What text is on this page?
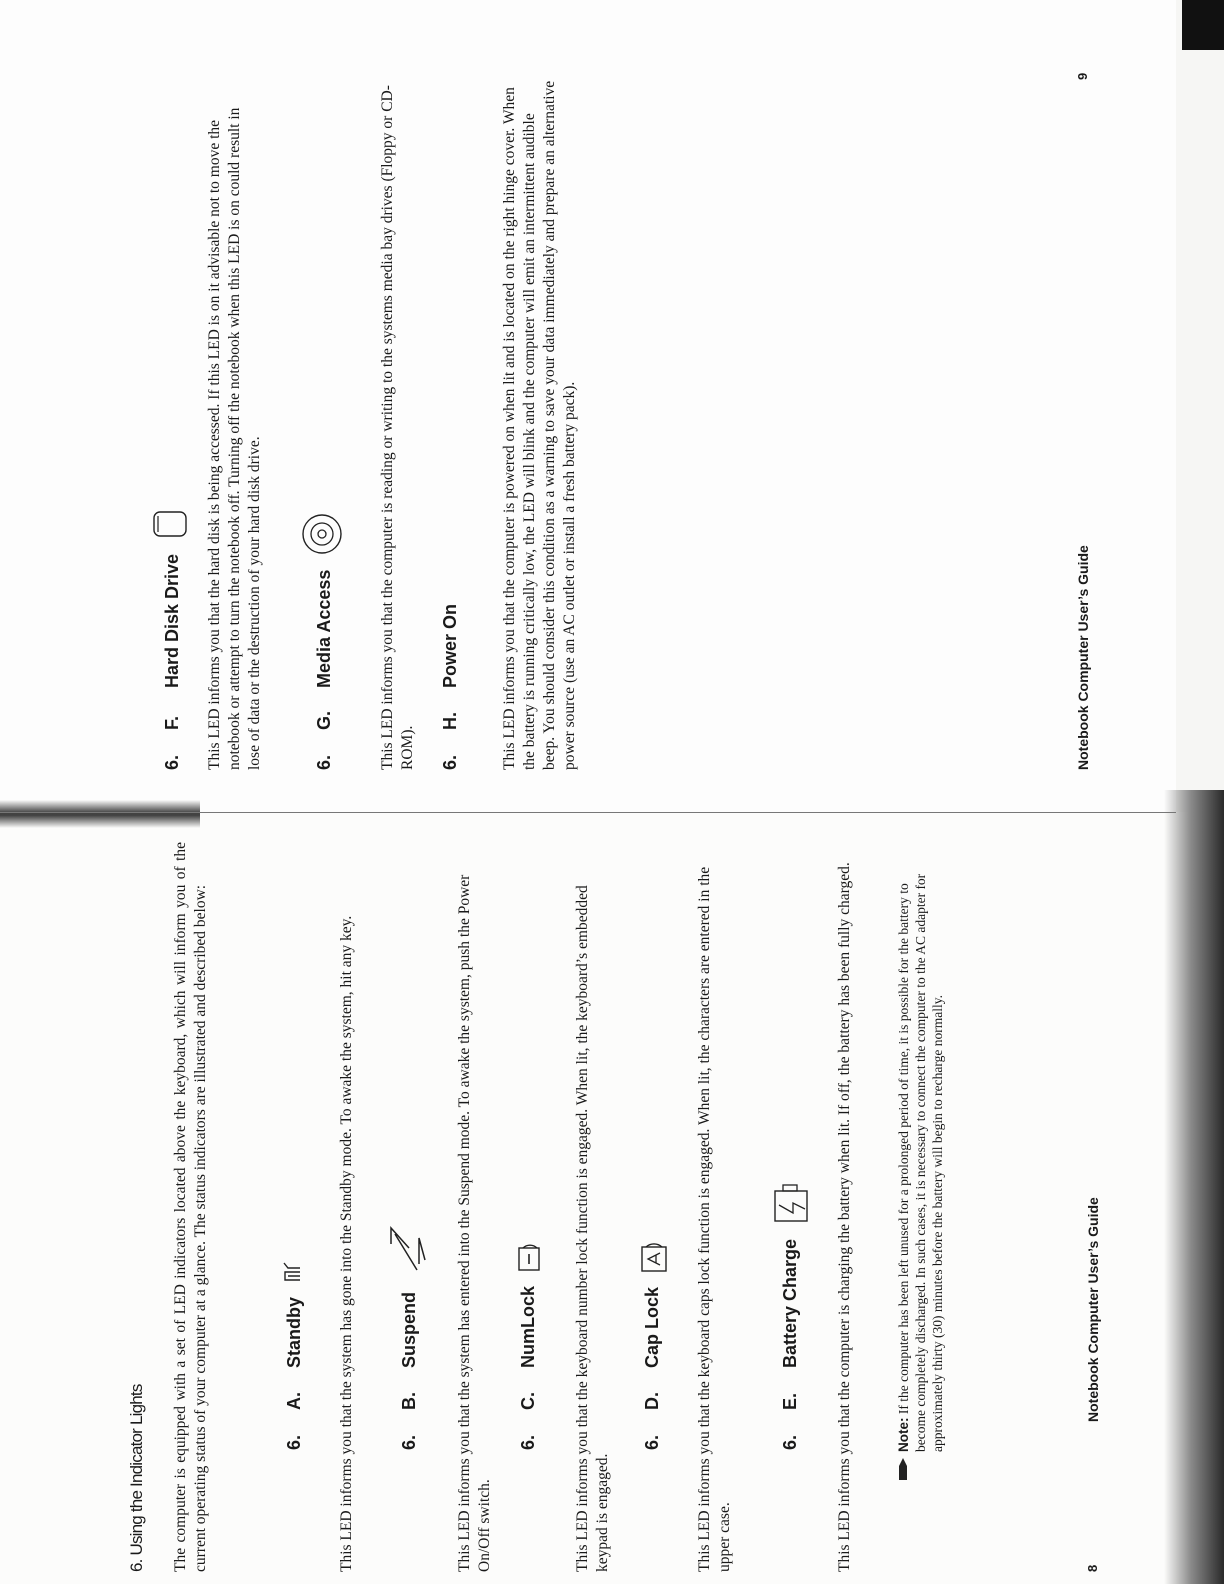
6. Using the Indicator Lights The computer is equipped with a set of LED indicators located above the keyboard, which will inform you of the current operating status of your computer at a glance. The status indicators are illustrated and described below:	6.
A.
Standby This LED informs you that the system has gone into the Standby mode. To awake the system, hit any key. 6.
B.
Suspend This LED informs you that the system has entered into the Suspend mode. To awake the system, push the Power On/Off switch.

6.
C.
NumLock This LED informs you that the keyboard number lock function is engaged. When lit, the keyboard’s embedded keypad is engaged.

6.
D.
Cap Lock This LED informs you that the keyboard caps lock function is engaged. When lit, the characters are entered in the upper case.

6.
E.
Battery Charge This LED informs you that the computer is charging the battery when lit. If off, the battery has been fully charged.	Note: If the computer has been left unused for a prolonged period of time, it is possible for the battery to become completely discharged. In such cases, it is necessary to connect the computer to the AC adapter for approximately thirty (30) minutes before the battery will begin to recharge normally.	Notebook Computer User’s Guide
8
6.
F.
Hard Disk Drive This LED informs you that the hard disk is being accessed. If this LED is on it advisable not to move the notebook or attempt to turn the notebook off. Turning off the notebook when this LED is on could result in lose of data or the destruction of your hard disk drive.	6.
G.
Media Access	This LED informs you that the computer is reading or writing to the systems media bay drives (Floppy or CD-ROM). 6.
H.
Power On	This LED informs you that the computer is powered on when lit and is located on the right hinge cover. When the battery is running critically low, the LED will blink and the computer will emit an intermittent audible beep. You should consider this condition as a warning to save your data immediately and prepare an alternative power source (use an AC outlet or install a fresh battery pack).	Notebook Computer User’s Guide
9
